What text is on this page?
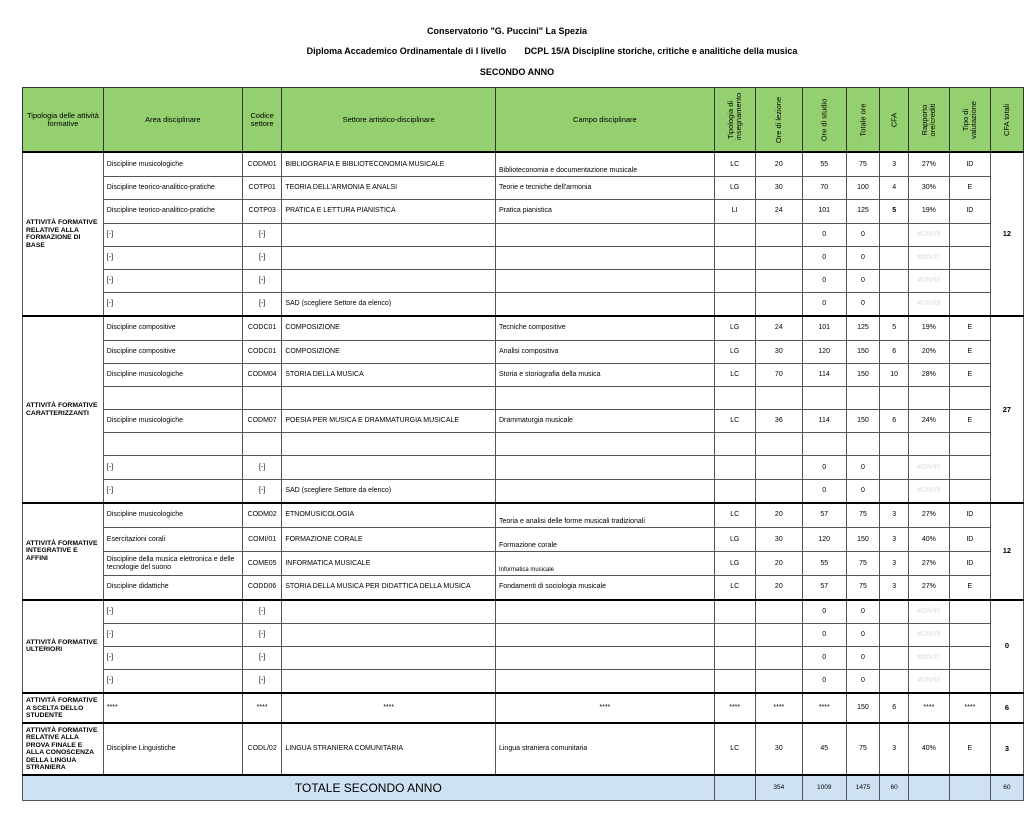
Conservatorio "G. Puccini" La Spezia
Diploma Accademico Ordinamentale di I livello DCPL 15/A Discipline storiche, critiche e analitiche della musica
SECONDO ANNO
Tipologia delle attività formative	Area disciplinare	Codice settore	Settore artistico-disciplinare	Campo disciplinare	Tipologia di insegnamento	Ore di lezione	Ore di studio	Totale ore	CFA	Rapporto ore/crediti	Tipo di valutazione	CFA totali
ATTIVITÀ FORMATIVE RELATIVE ALLA FORMAZIONE DI BASE	Discipline musicologiche	CODM01	BIBLIOGRAFIA E BIBLIOTECONOMIA MUSICALE	Biblioteconomia e documentazione musicale	LC	20	55	75	3	27%	ID	12
	Discipline teorico-analitico-pratiche	COTP01	TEORIA DELL'ARMONIA E ANALSI	Teorie e tecniche dell'armonia	LG	30	70	100	4	30%	E	
	Discipline teorico-analitico-pratiche	COTP03	PRATICA E LETTURA PIANISTICA	Pratica pianistica	LI	24	101	125	5	19%	ID	
	[-]	[-]					0	0		#DIV/0!		
	[-]	[-]					0	0		#DIV/0!		
	[-]	[-]					0	0		#DIV/0!		
	[-]	[-]	SAD (scegliere Settore da elenco)				0	0		#DIV/0!		
ATTIVITÀ FORMATIVE CARATTERIZZANTI	Discipline compositive	CODC01	COMPOSIZIONE	Tecniche compositive	LG	24	101	125	5	19%	E	27
	Discipline compositive	CODC01	COMPOSIZIONE	Analisi compositiva	LG	30	120	150	6	20%	E	
	Discipline musicologiche	CODM04	STORIA DELLA MUSICA	Storia e storiografia della musica	LC	70	114	150	10	28%	E	

	Discipline musicologiche	CODM07	POESIA PER MUSICA E DRAMMATURGIA MUSICALE	Drammaturgia musicale	LC	36	114	150	6	24%	E	

	[-]	[-]					0	0		#DIV/0!		
	[-]	[-]	SAD (scegliere Settore da elenco)				0	0		#DIV/0!		
ATTIVITÀ FORMATIVE INTEGRATIVE E AFFINI	Discipline musicologiche	CODM02	ETNOMUSICOLOGIA	Teoria e analisi delle forme musicali tradizionali	LC	20	57	75	3	27%	ID	12
	Esercitazioni corali	COMI/01	FORMAZIONE CORALE	Formazione corale	LG	30	120	150	3	40%	ID	
	Discipline della musica elettronica e delle tecnologie del suono	COME05	INFORMATICA MUSICALE	Informatica musicale	LG	20	55	75	3	27%	ID	
	Discipline didattiche	CODD06	STORIA DELLA MUSICA PER DIDATTICA DELLA MUSICA	Fondamenti di sociologia musicale	LC	20	57	75	3	27%	E	
ATTIVITÀ FORMATIVE ULTERIORI	[-]	[-]					0	0		#DIV/0!		0
	[-]	[-]					0	0		#DIV/0!		
	[-]	[-]					0	0		#DIV/0!		
	[-]	[-]					0	0		#DIV/0!		
ATTIVITÀ FORMATIVE A SCELTA DELLO STUDENTE	****	****	****	****	****	****	****	150	6	****	****	6
ATTIVITÀ FORMATIVE RELATIVE ALLA PROVA FINALE E ALLA CONOSCENZA DELLA LINGUA STRANIERA	Discipline Linguistiche	CODL/02	LINGUA STRANIERA COMUNITARIA	Lingua straniera comunitaria	LC	30	45	75	3	40%	E	3
TOTALE SECONDO ANNO						354	1009	1475	60			60
